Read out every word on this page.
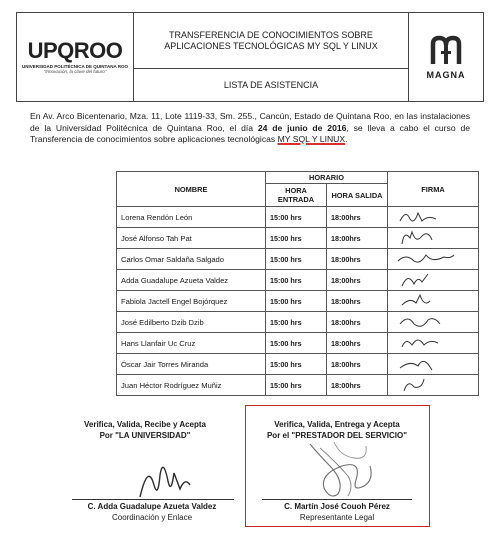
UPQROO
UNIVERSIDAD POLITÉCNICA DE QUINTANA ROO
"Innovación, la clave del futuro"
TRANSFERENCIA DE CONOCIMIENTOS SOBRE
APLICACIONES TECNOLÓGICAS MY SQL Y LINUX
LISTA DE ASISTENCIA
MAGNA
En Av. Arco Bicentenario, Mza. 11, Lote 1119-33, Sm. 255., Cancún, Estado de Quintana Roo, en las instalaciones de la Universidad Politécnica de Quintana Roo, el día 24 de junio de 2016, se lleva a cabo el curso de Transferencia de conocimientos sobre aplicaciones tecnológicas MY SQL Y LINUX.
NOMBRE	HORARIO		FIRMA
	HORA ENTRADA	HORA SALIDA	
Lorena Rendón León	15:00 hrs	18:00hrs	
José Alfonso Tah Pat	15:00 hrs	18:00hrs	
Carlos Omar Saldaña Salgado	15:00 hrs	18:00hrs	
Adda Guadalupe Azueta Valdez	15:00 hrs	18:00hrs	
Fabiola Jactell Engel Bojórquez	15:00 hrs	18:00hrs	
José Edilberto Dzib Dzib	15:00 hrs	18:00hrs	
Hans Llanfair Uc Cruz	15:00 hrs	18:00hrs	
Óscar Jair Torres Miranda	15:00 hrs	18:00hrs	
Juan Héctor Rodríguez Muñiz	15:00 hrs	18:00hrs	
Verifica, Valida, Recibe y Acepta
Por "LA UNIVERSIDAD"
C. Adda Guadalupe Azueta Valdez
Coordinación y Enlace
Verifica, Valida, Entrega y Acepta
Por el "PRESTADOR DEL SERVICIO"
C. Martín José Couoh Pérez
Representante Legal
